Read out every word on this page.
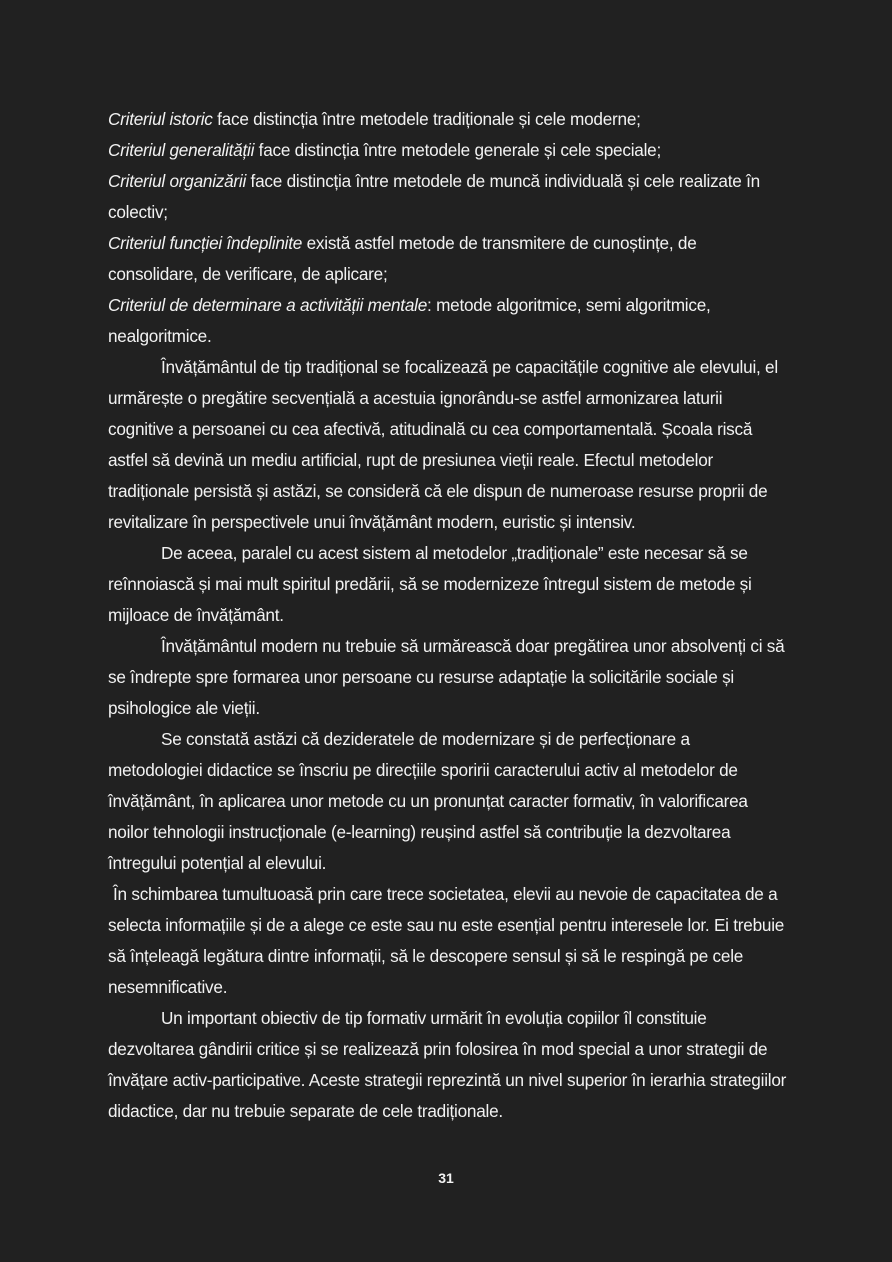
Criteriul istoric face distincția între metodele tradiționale și cele moderne;

Criteriul generalității face distincția între metodele generale și cele speciale;

Criteriul organizării face distincția între metodele de muncă individuală și cele realizate în colectiv;

Criteriul funcției îndeplinite există astfel metode de transmitere de cunoștințe, de consolidare, de verificare, de aplicare;

Criteriul de determinare a activității mentale: metode algoritmice, semi algoritmice, nealgoritmice.

Învățământul de tip tradițional se focalizează pe capacitățile cognitive ale elevului, el urmărește o pregătire secvențială a acestuia ignorându-se astfel armonizarea laturii cognitive a persoanei cu cea afectivă, atitudinală cu cea comportamentală. Școala riscă astfel să devină un mediu artificial, rupt de presiunea vieții reale. Efectul metodelor tradiționale persistă și astăzi, se consideră că ele dispun de numeroase resurse proprii de revitalizare în perspectivele unui învățământ modern, euristic și intensiv.

De aceea, paralel cu acest sistem al metodelor „tradiționale” este necesar să se reînnoiască și mai mult spiritul predării, să se modernizeze întregul sistem de metode și mijloace de învățământ.

Învățământul modern nu trebuie să urmărească doar pregătirea unor absolvenți ci să se îndrepte spre formarea unor persoane cu resurse adaptație la solicitările sociale și psihologice ale vieții.

Se constată astăzi că dezideratele de modernizare și de perfecționare a metodologiei didactice se înscriu pe direcțiile sporirii caracterului activ al metodelor de învățământ, în aplicarea unor metode cu un pronunțat caracter formativ, în valorificarea noilor tehnologii instrucționale (e-learning) reușind astfel să contribuție la dezvoltarea întregului potențial al elevului.

În schimbarea tumultuoasă prin care trece societatea, elevii au nevoie de capacitatea de a selecta informațiile și de a alege ce este sau nu este esențial pentru interesele lor. Ei trebuie să înțeleagă legătura dintre informații, să le descopere sensul și să le respingă pe cele nesemnificative.

Un important obiectiv de tip formativ urmărit în evoluția copiilor îl constituie dezvoltarea gândirii critice și se realizează prin folosirea în mod special a unor strategii de învățare activ-participative. Aceste strategii reprezintă un nivel superior în ierarhia strategiilor didactice, dar nu trebuie separate de cele tradiționale.

31
